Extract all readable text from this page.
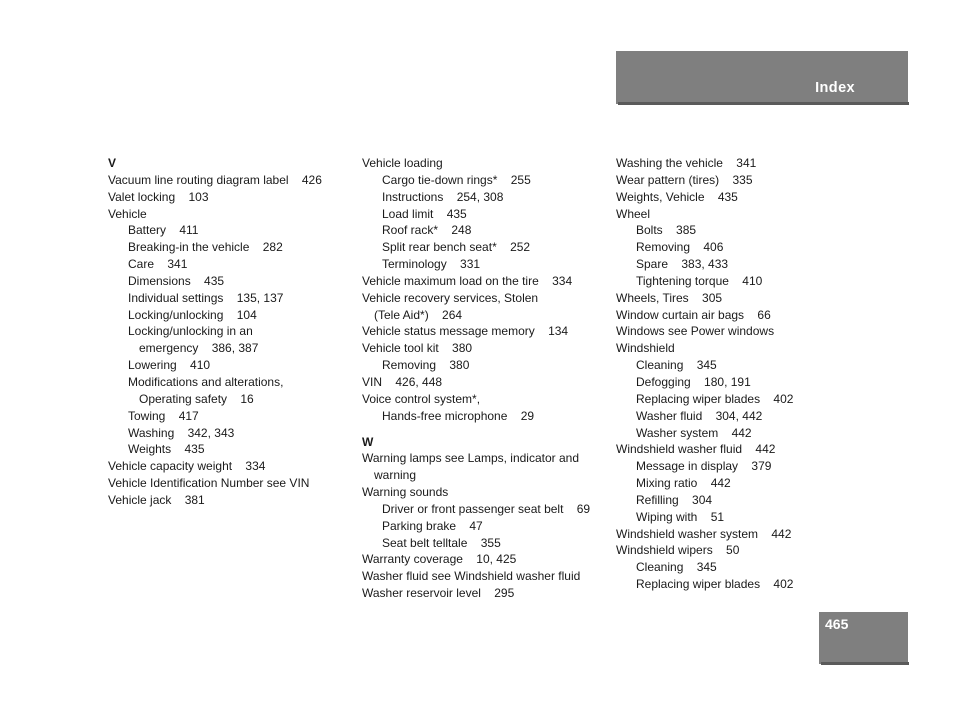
Index
V
Vacuum line routing diagram label    426
Valet locking    103
Vehicle
Battery    411
Breaking-in the vehicle    282
Care    341
Dimensions    435
Individual settings    135, 137
Locking/unlocking    104
Locking/unlocking in an
emergency    386, 387
Lowering    410
Modifications and alterations,
Operating safety    16
Towing    417
Washing    342, 343
Weights    435
Vehicle capacity weight    334
Vehicle Identification Number see VIN
Vehicle jack    381
Vehicle loading
Cargo tie-down rings*    255
Instructions    254, 308
Load limit    435
Roof rack*    248
Split rear bench seat*    252
Terminology    331
Vehicle maximum load on the tire    334
Vehicle recovery services, Stolen
(Tele Aid*)    264
Vehicle status message memory    134
Vehicle tool kit    380
Removing    380
VIN    426, 448
Voice control system*,
Hands-free microphone    29
W
Warning lamps see Lamps, indicator and
warning
Warning sounds
Driver or front passenger seat belt    69
Parking brake    47
Seat belt telltale    355
Warranty coverage    10, 425
Washer fluid see Windshield washer fluid
Washer reservoir level    295
Washing the vehicle    341
Wear pattern (tires)    335
Weights, Vehicle    435
Wheel
Bolts    385
Removing    406
Spare    383, 433
Tightening torque    410
Wheels, Tires    305
Window curtain air bags    66
Windows see Power windows
Windshield
Cleaning    345
Defogging    180, 191
Replacing wiper blades    402
Washer fluid    304, 442
Washer system    442
Windshield washer fluid    442
Message in display    379
Mixing ratio    442
Refilling    304
Wiping with    51
Windshield washer system    442
Windshield wipers    50
Cleaning    345
Replacing wiper blades    402
465
